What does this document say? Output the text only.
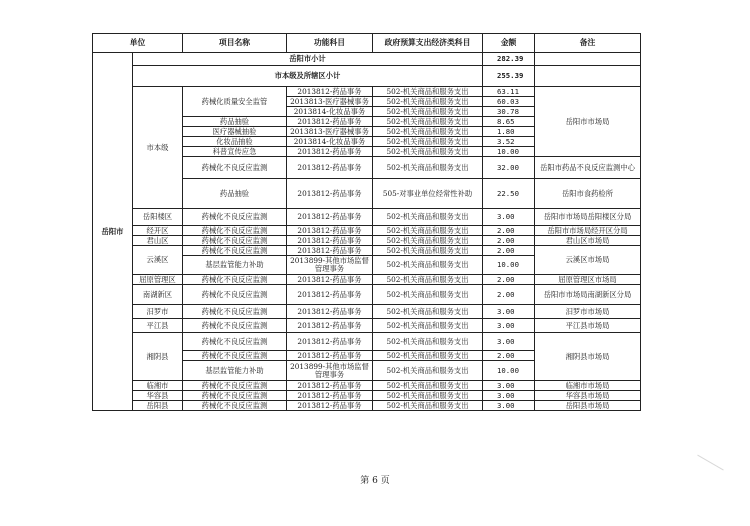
单位		项目名称	功能科目	政府预算支出经济类科目	金额	备注
岳阳市	岳阳市小计				282.39	
	市本级及所辖区小计				255.39	
	市本级	药械化质量安全监管	2013812-药品事务	502-机关商品和服务支出	63.11	岳阳市市场局
			2013813-医疗器械事务	502-机关商品和服务支出	60.03	
			2013814-化妆品事务	502-机关商品和服务支出	30.78	
		药品抽验	2013812-药品事务	502-机关商品和服务支出	8.65	
		医疗器械抽验	2013813-医疗器械事务	502-机关商品和服务支出	1.80	
		化妆品抽验	2013814-化妆品事务	502-机关商品和服务支出	3.52	
		科普宣传应急	2013812-药品事务	502-机关商品和服务支出	10.00	
		药械化不良反应监测	2013812-药品事务	502-机关商品和服务支出	32.00	岳阳市药品不良反应监测中心
		药品抽验	2013812-药品事务	505-对事业单位经常性补助	22.50	岳阳市食药检所

	岳阳楼区	药械化不良反应监测	2013812-药品事务	502-机关商品和服务支出	3.00	岳阳市市场局岳阳楼区分局
	经开区	药械化不良反应监测	2013812-药品事务	502-机关商品和服务支出	2.00	岳阳市市场局经开区分局
	君山区	药械化不良反应监测	2013812-药品事务	502-机关商品和服务支出	2.00	君山区市场局
	云溪区	药械化不良反应监测	2013812-药品事务	502-机关商品和服务支出	2.00	云溪区市场局
		基层监管能力补助	2013899-其他市场监督管理事务	502-机关商品和服务支出	10.00	
	屈原管理区	药械化不良反应监测	2013812-药品事务	502-机关商品和服务支出	2.00	屈原管理区市场局
	南湖新区	药械化不良反应监测	2013812-药品事务	502-机关商品和服务支出	2.00	岳阳市市场局南湖新区分局
	汨罗市	药械化不良反应监测	2013812-药品事务	502-机关商品和服务支出	3.00	汨罗市市场局
	平江县	药械化不良反应监测	2013812-药品事务	502-机关商品和服务支出	3.00	平江县市场局
	湘阴县	药械化不良反应监测	2013812-药品事务	502-机关商品和服务支出	3.00	湘阴县市场局
		药械化不良反应监测	2013812-药品事务	502-机关商品和服务支出	2.00	
		基层监管能力补助	2013899-其他市场监督管理事务	502-机关商品和服务支出	10.00	
	临湘市	药械化不良反应监测	2013812-药品事务	502-机关商品和服务支出	3.00	临湘市市场局
	华容县	药械化不良反应监测	2013812-药品事务	502-机关商品和服务支出	3.00	华容县市场局
	岳阳县	药械化不良反应监测	2013812-药品事务	502-机关商品和服务支出	3.00	岳阳县市场局
第 6 页
